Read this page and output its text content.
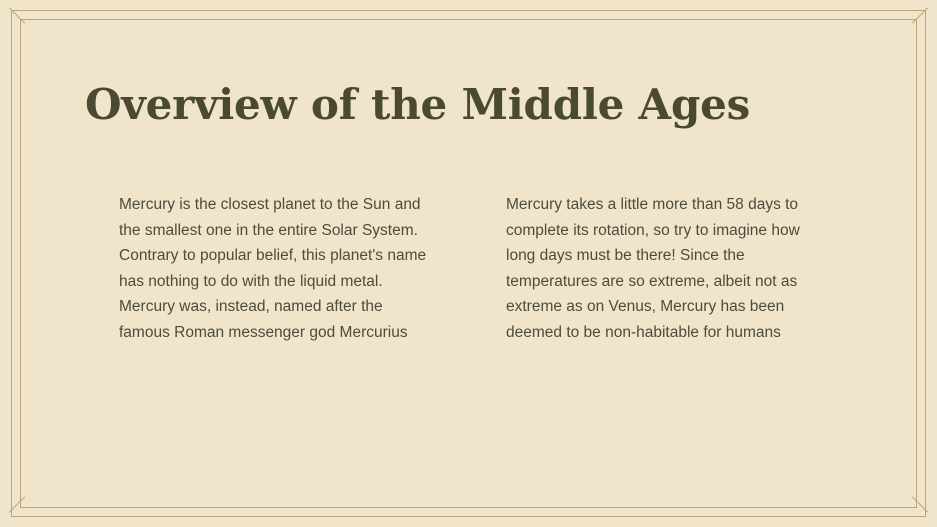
Overview of the Middle Ages

Mercury is the closest planet to the Sun and the smallest one in the entire Solar System. Contrary to popular belief, this planet's name has nothing to do with the liquid metal. Mercury was, instead, named after the famous Roman messenger god Mercurius

Mercury takes a little more than 58 days to complete its rotation, so try to imagine how long days must be there! Since the temperatures are so extreme, albeit not as extreme as on Venus, Mercury has been deemed to be non-habitable for humans
